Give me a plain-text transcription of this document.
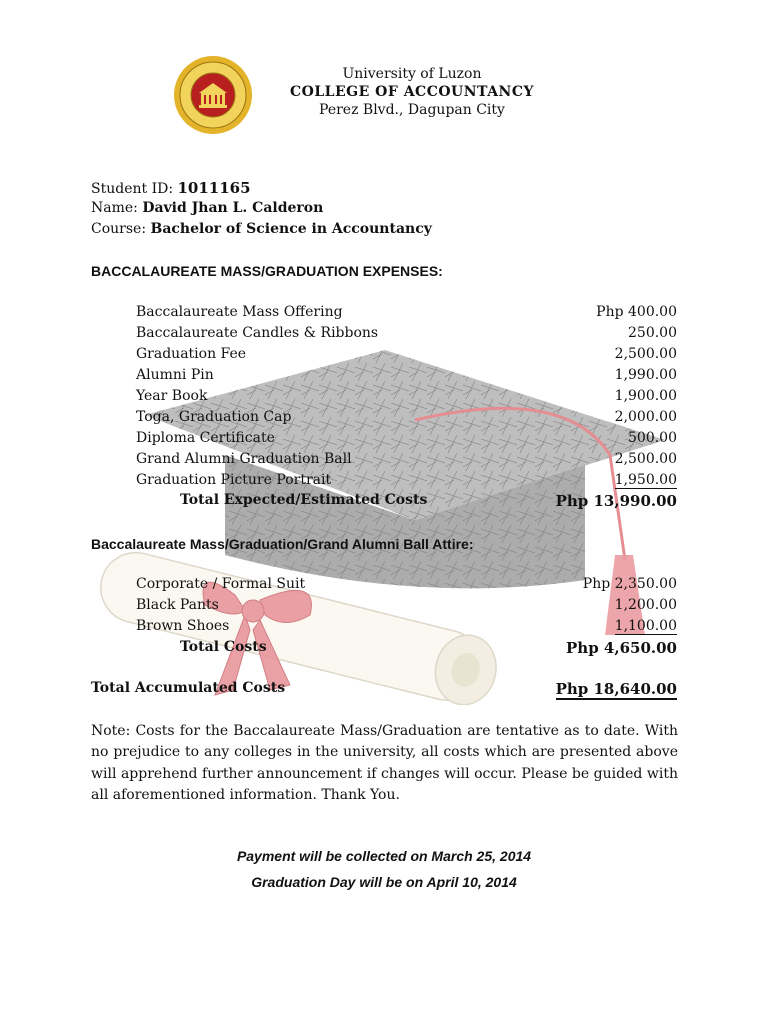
University of Luzon
COLLEGE OF ACCOUNTANCY
Perez Blvd., Dagupan City
Student ID: 1011165
Name: David Jhan L. Calderon
Course: Bachelor of Science in Accountancy
BACCALAUREATE MASS/GRADUATION EXPENSES:
Baccalaureate Mass Offering	Php 400.00
Baccalaureate Candles & Ribbons	250.00
Graduation Fee	2,500.00
Alumni Pin	1,990.00
Year Book	1,900.00
Toga, Graduation Cap	2,000.00
Diploma Certificate	500.00
Grand Alumni Graduation Ball	2,500.00
Graduation Picture Portrait	1,950.00
Total Expected/Estimated Costs	Php 13,990.00
Baccalaureate Mass/Graduation/Grand Alumni Ball Attire:
Corporate / Formal Suit	Php 2,350.00
Black Pants	1,200.00
Brown Shoes	1,100.00
Total Costs	Php 4,650.00
Total Accumulated Costs	Php 18,640.00
Note: Costs for the Baccalaureate Mass/Graduation are tentative as to date. With no prejudice to any colleges in the university, all costs which are presented above will apprehend further announcement if changes will occur. Please be guided with all aforementioned information. Thank You.
Payment will be collected on March 25, 2014
Graduation Day will be on April 10, 2014
